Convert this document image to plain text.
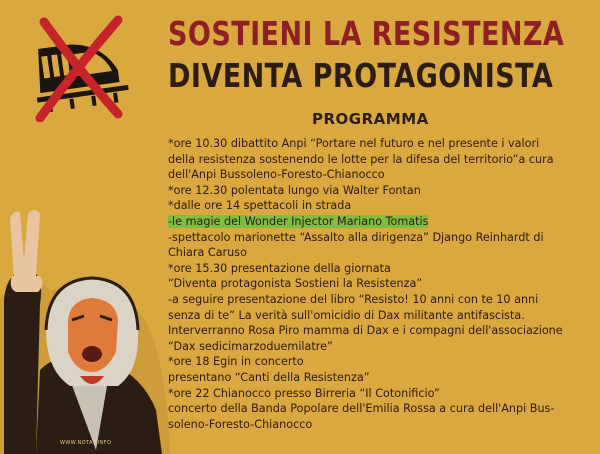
SOSTIENI LA RESISTENZA
DIVENTA PROTAGONISTA
PROGRAMMA
*ore 10.30 dibattito Anpi “Portare nel futuro e nel presente i valori
della resistenza sostenendo le lotte per la difesa del territorio”a cura
dell'Anpi Bussoleno-Foresto-Chianocco
*ore 12.30 polentata lungo via Walter Fontan
*dalle ore 14 spettacoli in strada
-le magie del Wonder Injector Mariano Tomatis
-spettacolo marionette “Assalto alla dirigenza” Django Reinhardt di
Chiara Caruso
*ore 15.30 presentazione della giornata
“Diventa protagonista Sostieni la Resistenza”
-a seguire presentazione del libro “Resisto! 10 anni con te 10 anni
senza di te” La verità sull'omicidio di Dax militante antifascista.
Interverranno Rosa Piro mamma di Dax e i compagni dell'associazione
“Dax sedicimarzoduemilatre”
*ore 18 Egin in concerto
presentano “Canti della Resistenza”
*ore 22 Chianocco presso Birreria “Il Cotonificio”
concerto della Banda Popolare dell'Emilia Rossa a cura dell'Anpi Bus-
soleno-Foresto-Chianocco
WWW.NOTAV.INFO
